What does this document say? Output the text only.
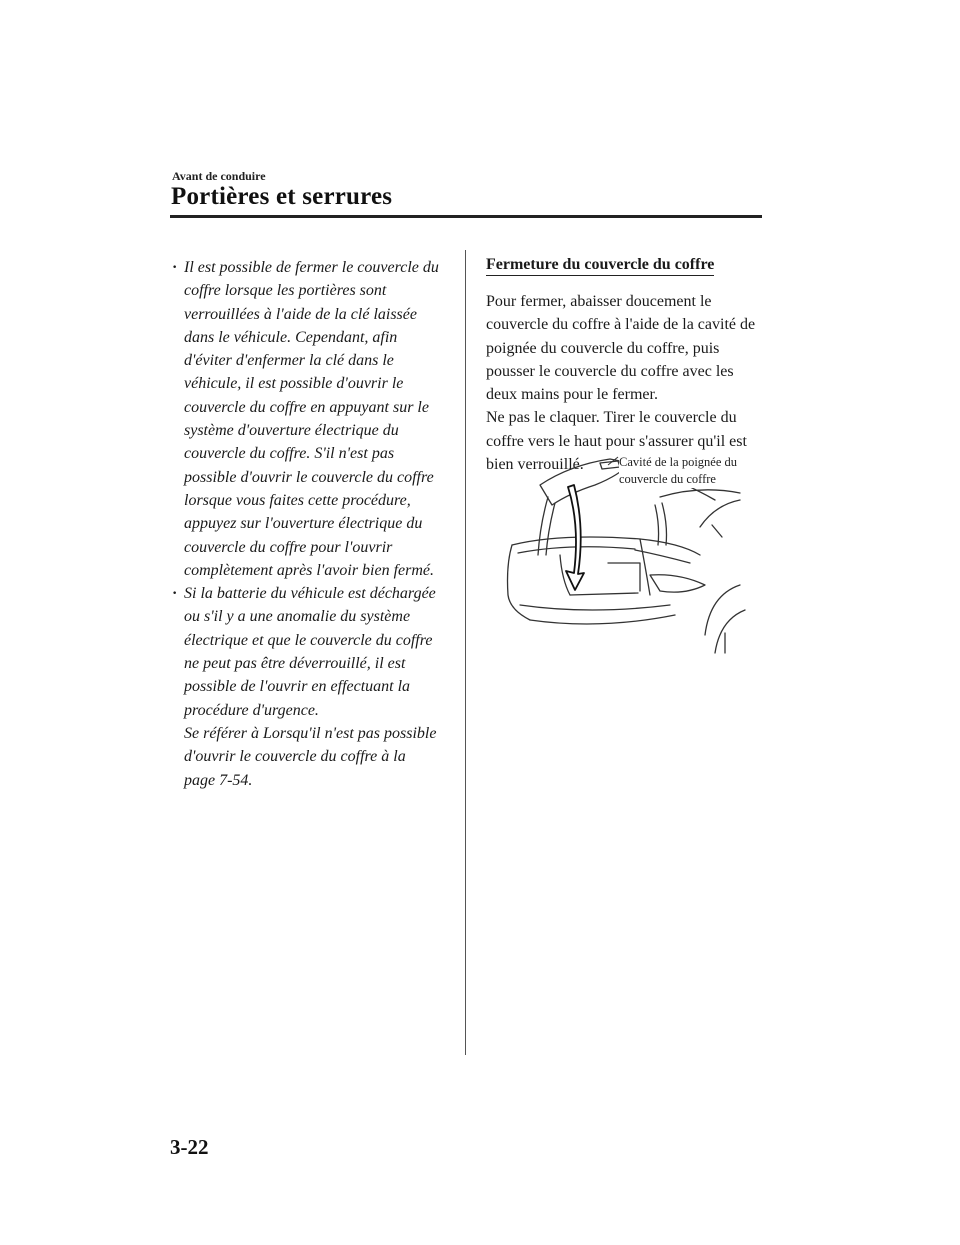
Avant de conduire
Portières et serrures
· Il est possible de fermer le couvercle du coffre lorsque les portières sont verrouillées à l'aide de la clé laissée dans le véhicule. Cependant, afin d'éviter d'enfermer la clé dans le véhicule, il est possible d'ouvrir le couvercle du coffre en appuyant sur le système d'ouverture électrique du couvercle du coffre. S'il n'est pas possible d'ouvrir le couvercle du coffre lorsque vous faites cette procédure, appuyez sur l'ouverture électrique du couvercle du coffre pour l'ouvrir complètement après l'avoir bien fermé.
· Si la batterie du véhicule est déchargée ou s'il y a une anomalie du système électrique et que le couvercle du coffre ne peut pas être déverrouillé, il est possible de l'ouvrir en effectuant la procédure d'urgence.
Se référer à Lorsqu'il n'est pas possible d'ouvrir le couvercle du coffre à la page 7-54.
Fermeture du couvercle du coffre
Pour fermer, abaisser doucement le couvercle du coffre à l'aide de la cavité de poignée du couvercle du coffre, puis pousser le couvercle du coffre avec les deux mains pour le fermer.
Ne pas le claquer. Tirer le couvercle du coffre vers le haut pour s'assurer qu'il est bien verrouillé.	Cavité de la poignée du couvercle du coffre
3-22
